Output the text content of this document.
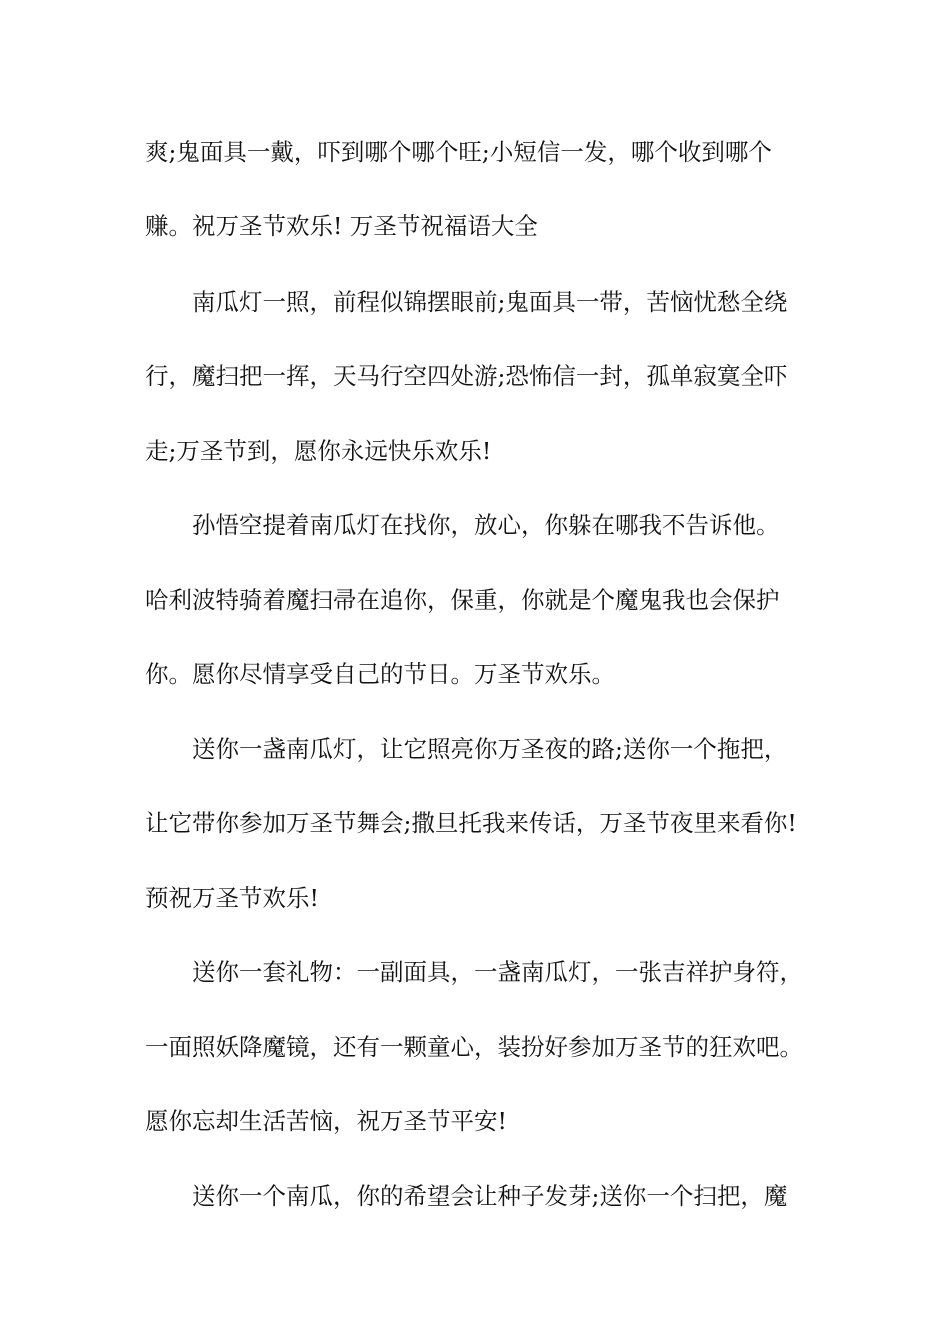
爽;鬼面具一戴，吓到哪个哪个旺;小短信一发，哪个收到哪个
赚。祝万圣节欢乐! 万圣节祝福语大全
南瓜灯一照，前程似锦摆眼前;鬼面具一带，苦恼忧愁全绕
行，魔扫把一挥，天马行空四处游;恐怖信一封，孤单寂寞全吓
走;万圣节到，愿你永远快乐欢乐!
孙悟空提着南瓜灯在找你，放心，你躲在哪我不告诉他。
哈利波特骑着魔扫帚在追你，保重，你就是个魔鬼我也会保护
你。愿你尽情享受自己的节日。万圣节欢乐。
送你一盏南瓜灯，让它照亮你万圣夜的路;送你一个拖把，
让它带你参加万圣节舞会;撒旦托我来传话，万圣节夜里来看你!
预祝万圣节欢乐!
送你一套礼物：一副面具，一盏南瓜灯，一张吉祥护身符，
一面照妖降魔镜，还有一颗童心，装扮好参加万圣节的狂欢吧。
愿你忘却生活苦恼，祝万圣节平安!
送你一个南瓜，你的希望会让种子发芽;送你一个扫把，魔
